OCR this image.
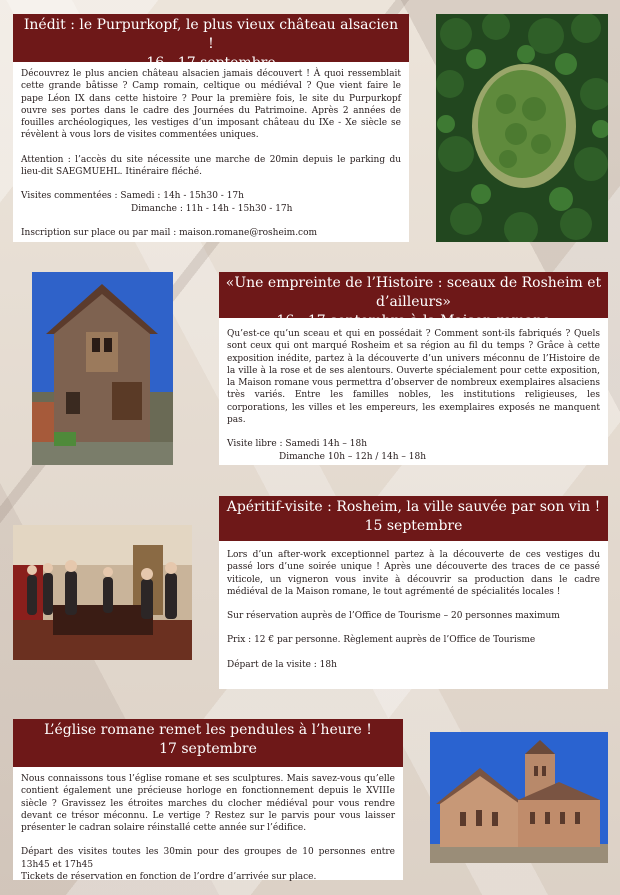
Inédit : le Purpurkopf, le plus vieux château alsacien !

Découvrez le plus ancien château alsacien jamais découvert ! À quoi ressemblait cette grande bâtisse ? Camp romain, celtique ou médiéval ? Que vient faire le pape Léon IX dans cette histoire ? Pour la première fois, le site du Purpurkopf ouvre ses portes dans le cadre des Journées du Patrimoine. Après 2 années de fouilles archéologiques, les vestiges d’un imposant château du IXe - Xe siècle se révèlent à vous lors de visites commentées uniques.

Attention : l’accès du site nécessite une marche de 20min depuis le parking du lieu-dit SAEGMUEHL. Itinéraire fléché.

Visites commentées : Samedi : 14h - 15h30 - 17h

Dimanche : 11h - 14h - 15h30 - 17h

Inscription sur place ou par mail : maison.romane@rosheim.com

«Une empreinte de l’Histoire : sceaux de Rosheim et d’ailleurs»

Qu’est-ce qu’un sceau et qui en possédait ? Comment sont-ils fabriqués ? Quels sont ceux qui ont marqué Rosheim et sa région au fil du temps ? Grâce à cette exposition inédite, partez à la découverte d’un univers méconnu de l’Histoire de la ville à la rose et de ses alentours. Ouverte spécialement pour cette exposition, la Maison romane vous permettra d’observer de nombreux exemplaires alsaciens très variés. Entre les familles nobles, les institutions religieuses, les corporations, les villes et les empereurs, les exemplaires exposés ne manquent pas.

Visite libre : Samedi 14h – 18h

Dimanche 10h – 12h / 14h – 18h

Apéritif-visite : Rosheim, la ville sauvée par son vin !
15 septembre

Lors d’un after-work exceptionnel partez à la découverte de ces vestiges du passé lors d’une soirée unique ! Après une découverte des traces de ce passé viticole, un vigneron vous invite à découvrir sa production dans le cadre médiéval de la Maison romane, le tout agrémenté de spécialités locales !

Sur réservation auprès de l’Office de Tourisme – 20 personnes maximum

Prix : 12 € par personne. Règlement auprès de l’Office de Tourisme

Départ de la visite : 18h

L’église romane remet les pendules à l’heure !
17 septembre

Nous connaissons tous l’église romane et ses sculptures. Mais savez-vous qu’elle contient également une précieuse horloge en fonctionnement depuis le XVIIIe siècle ? Gravissez les étroites marches du clocher médiéval pour vous rendre devant ce trésor méconnu. Le vertige ? Restez sur le parvis pour vous laisser présenter le cadran solaire réinstallé cette année sur l’édifice.

Départ des visites toutes les 30min pour des groupes de 10 personnes entre 13h45 et 17h45

Tickets de réservation en fonction de l’ordre d’arrivée sur place.
